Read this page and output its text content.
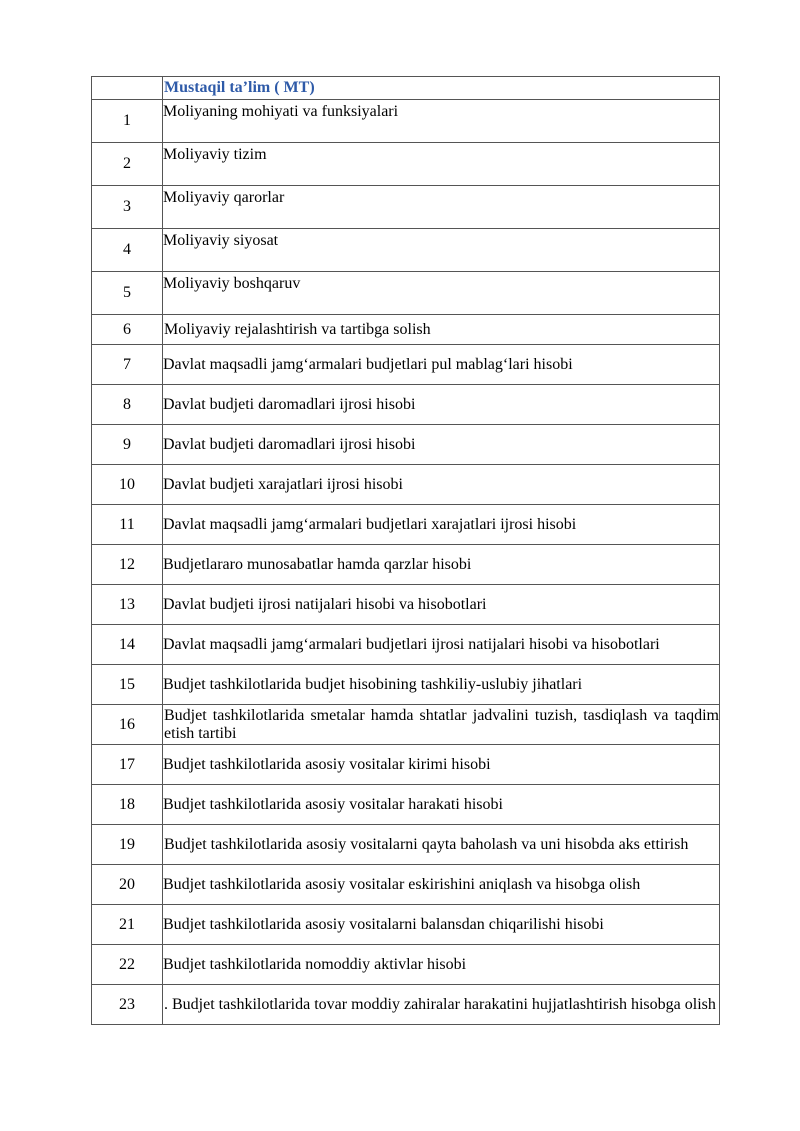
	Mustaqil ta’lim ( MT)
1	Moliyaning mohiyati va funksiyalari
2	Moliyaviy tizim
3	Moliyaviy qarorlar
4	Moliyaviy siyosat
5	Moliyaviy boshqaruv
6	Moliyaviy rejalashtirish va tartibga solish
7	Davlat maqsadli jamg‘armalari budjetlari pul mablag‘lari hisobi
8	Davlat budjeti daromadlari ijrosi hisobi
9	Davlat budjeti daromadlari ijrosi hisobi
10	Davlat budjeti xarajatlari ijrosi hisobi
11	Davlat maqsadli jamg‘armalari budjetlari xarajatlari ijrosi hisobi
12	Budjetlararo munosabatlar hamda qarzlar hisobi
13	Davlat budjeti ijrosi natijalari hisobi va hisobotlari
14	Davlat maqsadli jamg‘armalari budjetlari ijrosi natijalari hisobi va hisobotlari
15	Budjet tashkilotlarida budjet hisobining tashkiliy-uslubiy jihatlari
16	Budjet tashkilotlarida smetalar hamda shtatlar jadvalini tuzish, tasdiqlash va taqdim etish tartibi
17	Budjet tashkilotlarida asosiy vositalar kirimi hisobi
18	Budjet tashkilotlarida asosiy vositalar harakati hisobi
19	Budjet tashkilotlarida asosiy vositalarni qayta baholash va uni hisobda aks ettirish
20	Budjet tashkilotlarida asosiy vositalar eskirishini aniqlash va hisobga olish
21	Budjet tashkilotlarida asosiy vositalarni balansdan chiqarilishi hisobi
22	Budjet tashkilotlarida nomoddiy aktivlar hisobi
23	. Budjet tashkilotlarida tovar moddiy zahiralar harakatini hujjatlashtirish hisobga olish
